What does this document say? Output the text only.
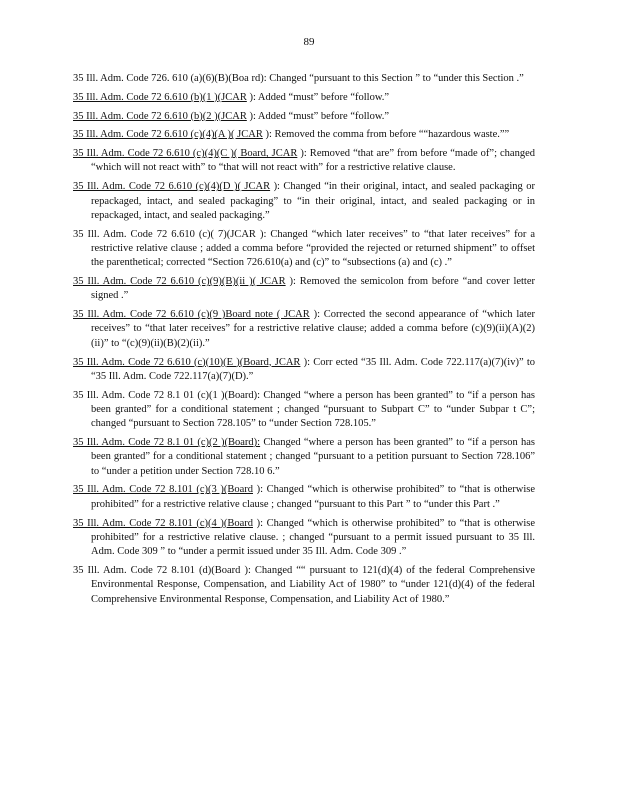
89

35 Ill. Adm. Code 726. 610 (a)(6)(B)(Boa rd): Changed “pursuant to this Section ” to “under this Section .”

35 Ill. Adm. Code 72 6.610 (b)(1 )(JCAR ): Added “must” before “follow.”

35 Ill. Adm. Code 72 6.610 (b)(2 )(JCAR ): Added “must” before “follow.”

35 Ill. Adm. Code 72 6.610 (c)(4)(A )( JCAR ): Removed the comma from before ““hazardous waste.””

35 Ill. Adm. Code 72 6.610 (c)(4)(C )( Board, JCAR ): Removed “that are” from before “made of”; changed “which will not react with” to “that will not react with” for a restrictive relative clause.

35 Ill. Adm. Code 72 6.610 (c)(4)(D )( JCAR ): Changed “in their original, intact, and sealed packaging or repackaged, intact, and sealed packaging” to “in their original, intact, and sealed packaging or in repackaged, intact, and sealed packaging.”

35 Ill. Adm. Code 72 6.610 (c)( 7)(JCAR ): Changed “which later receives” to “that later receives” for a restrictive relative clause ; added a comma before “provided the rejected or returned shipment” to offset the parenthetical; corrected “Section 726.610(a) and (c)” to “subsections (a) and (c) .”

35 Ill. Adm. Code 72 6.610 (c)(9)(B)(ii )( JCAR ): Removed the semicolon from before “and cover letter signed .”

35 Ill. Adm. Code 72 6.610 (c)(9 )Board note ( JCAR ): Corrected the second appearance of “which later receives” to “that later receives” for a restrictive relative clause; added a comma before (c)(9)(ii)(A)(2)(ii)” to “(c)(9)(ii)(B)(2)(ii).”

35 Ill. Adm. Code 72 6.610 (c)(10)(E )(Board, JCAR ): Corr ected “35 Ill. Adm. Code 722.117(a)(7)(iv)” to “35 Ill. Adm. Code 722.117(a)(7)(D).”

35 Ill. Adm. Code 72 8.1 01 (c)(1 )(Board): Changed “where a person has been granted” to “if a person has been granted” for a conditional statement ; changed “pursuant to Subpart C” to “under Subpar t C”; changed “pursuant to Section 728.105” to “under Section 728.105.”

35 Ill. Adm. Code 72 8.1 01 (c)(2 )(Board): Changed “where a person has been granted” to “if a person has been granted” for a conditional statement ; changed “pursuant to a petition pursuant to Section 728.106” to “under a petition under Section 728.10 6.”

35 Ill. Adm. Code 72 8.101 (c)(3 )(Board ): Changed “which is otherwise prohibited” to “that is otherwise prohibited” for a restrictive relative clause ; changed “pursuant to this Part ” to “under this Part .”

35 Ill. Adm. Code 72 8.101 (c)(4 )(Board ): Changed “which is otherwise prohibited” to “that is otherwise prohibited” for a restrictive relative clause. ; changed “pursuant to a permit issued pursuant to 35 Ill. Adm. Code 309 ” to “under a permit issued under 35 Ill. Adm. Code 309 .”

35 Ill. Adm. Code 72 8.101 (d)(Board ): Changed ““ pursuant to 121(d)(4) of the federal Comprehensive Environmental Response, Compensation, and Liability Act of 1980” to “under 121(d)(4) of the federal Comprehensive Environmental Response, Compensation, and Liability Act of 1980.”
